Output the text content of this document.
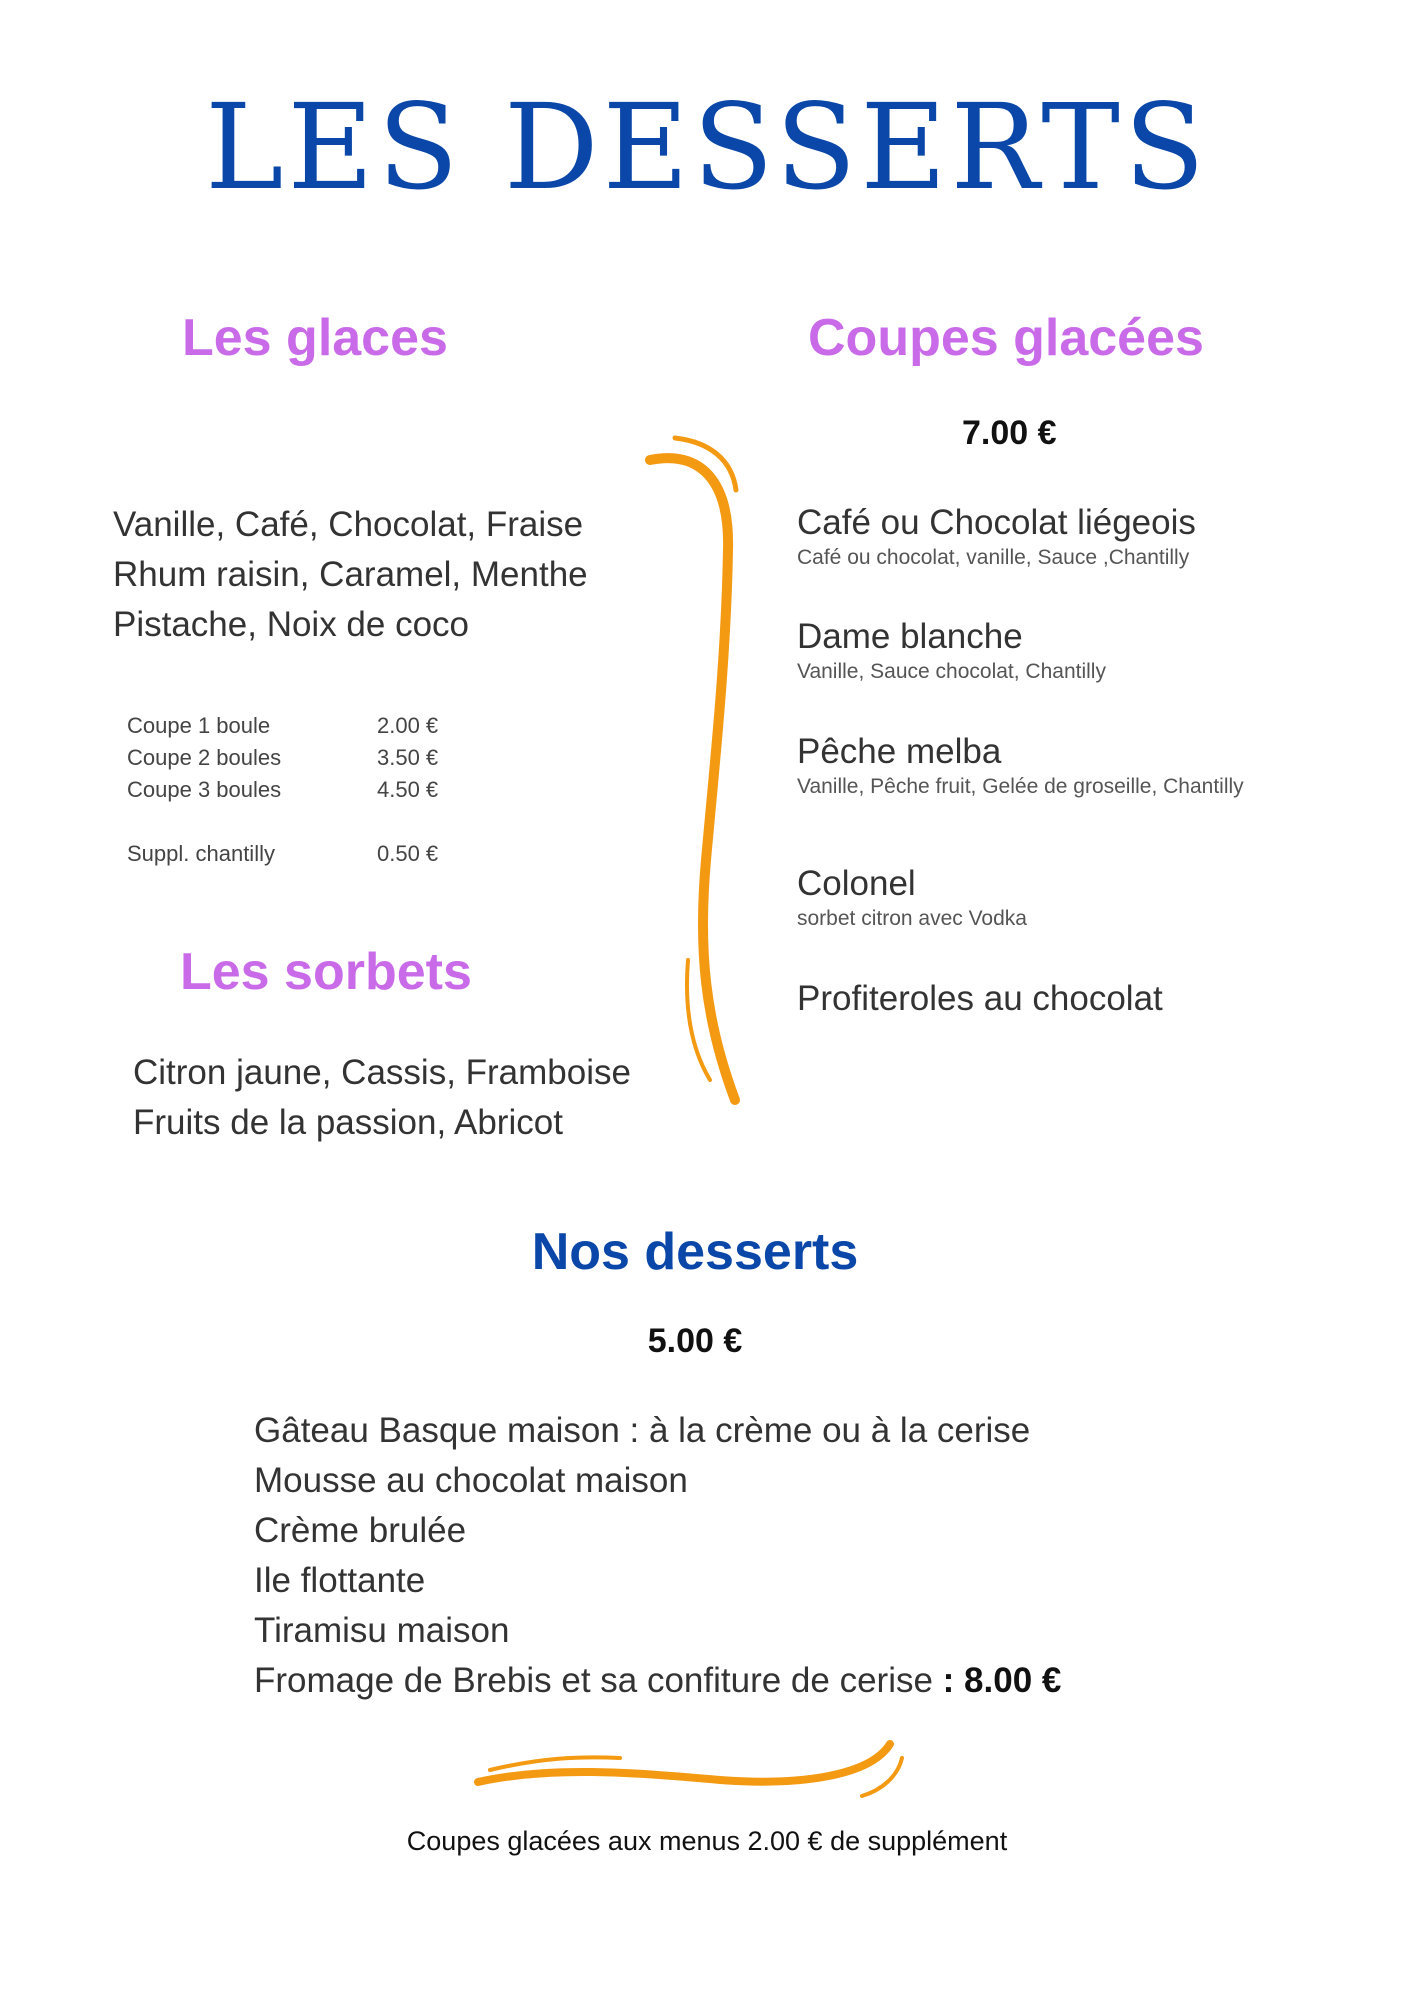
LES DESSERTS
Les glaces
Vanille, Café, Chocolat, Fraise
Rhum raisin, Caramel, Menthe
Pistache, Noix de coco
Coupe 1 boule	2.00 €
Coupe 2 boules	3.50 €
Coupe 3 boules	4.50 €
Suppl. chantilly	0.50 €
Les sorbets
Citron jaune, Cassis, Framboise
Fruits de la passion, Abricot
Coupes glacées
7.00 €
Café ou Chocolat liégeois
Café ou chocolat, vanille, Sauce ,Chantilly
Dame blanche
Vanille, Sauce chocolat, Chantilly
Pêche melba
Vanille, Pêche fruit, Gelée de groseille, Chantilly
Colonel
sorbet citron avec Vodka
Profiteroles au chocolat
Nos desserts
5.00 €
Gâteau Basque maison : à la crème ou à la cerise
Mousse au chocolat maison
Crème brulée
Ile flottante
Tiramisu maison
Fromage de Brebis et sa confiture de cerise : 8.00 €
Coupes glacées aux menus 2.00 € de supplément
